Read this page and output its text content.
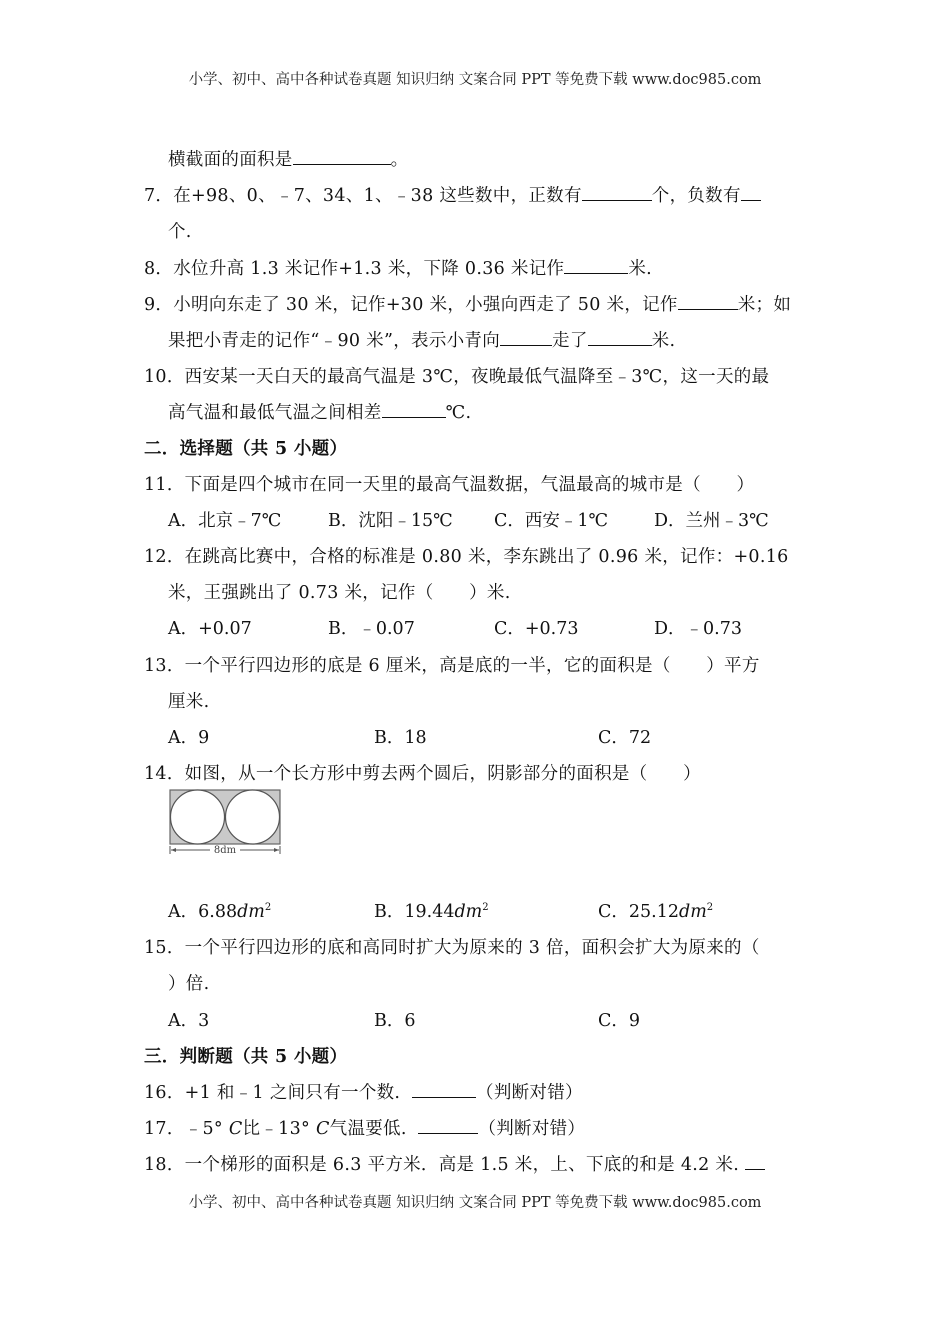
小学、初中、高中各种试卷真题 知识归纳 文案合同 PPT 等免费下载 www.doc985.com
横截面的面积是	。
7．在+98、0、﹣7、34、1、﹣38 这些数中，正数有	个，负数有
个.
8．水位升高 1.3 米记作+1.3 米，下降 0.36 米记作	米.
9．小明向东走了 30 米，记作+30 米，小强向西走了 50 米，记作	米；如
果把小青走的记作“﹣90 米”，表示小青向	走了	米.
10．西安某一天白天的最高气温是 3℃，夜晚最低气温降至﹣3℃，这一天的最
高气温和最低气温之间相差	℃.
二．选择题（共 5 小题）
11．下面是四个城市在同一天里的最高气温数据，气温最高的城市是（　　）
A．北京﹣7℃	B．沈阳﹣15℃ C．西安﹣1℃	D．兰州﹣3℃
12．在跳高比赛中，合格的标准是 0.80 米，李东跳出了 0.96 米，记作：+0.16
米，王强跳出了 0.73 米，记作（　　）米.
A．+0.07	B．﹣0.07	C．+0.73	D．﹣0.73
13．一个平行四边形的底是 6 厘米，高是底的一半，它的面积是（　　）平方
厘米.
A．9	B．18	C．72
14．如图，从一个长方形中剪去两个圆后，阴影部分的面积是（　　）
8dm
A．$6.88dm^2$	B．$19.44dm^2$	C．$25.12dm^2$
15．一个平行四边形的底和高同时扩大为原来的 3 倍，面积会扩大为原来的（
）倍.
A．3	B．6	C．9
三．判断题（共 5 小题）
16．+1 和﹣1 之间只有一个数.	（判断对错）
17．﹣5° C比﹣13° C气温要低.	（判断对错）
18．一个梯形的面积是 6.3 平方米．高是 1.5 米，上、下底的和是 4.2 米.
小学、初中、高中各种试卷真题 知识归纳 文案合同 PPT 等免费下载 www.doc985.com
